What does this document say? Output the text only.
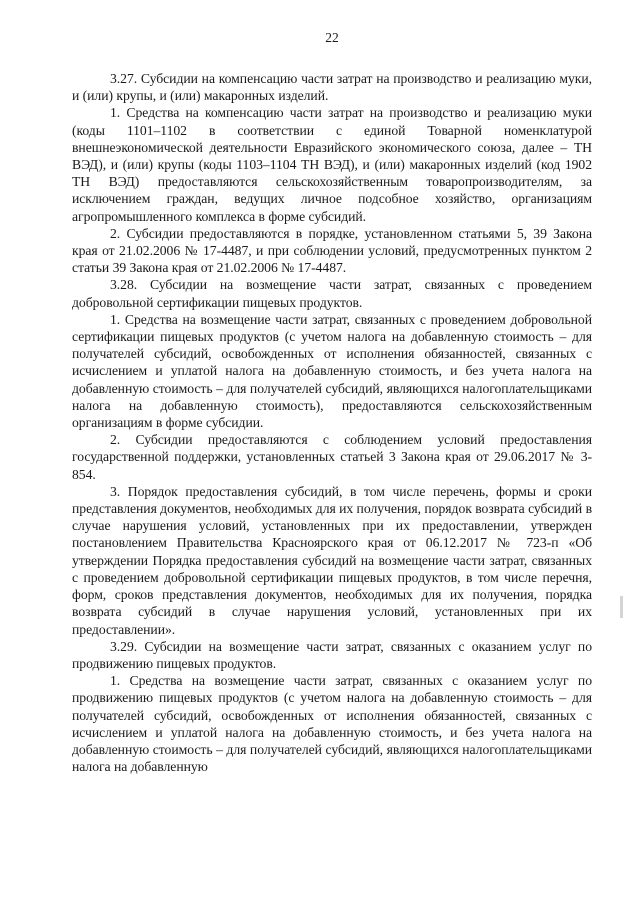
22

3.27. Субсидии на компенсацию части затрат на производство и реализацию муки, и (или) крупы, и (или) макаронных изделий.

1. Средства на компенсацию части затрат на производство и реализацию муки (коды 1101–1102 в соответствии с единой Товарной номенклатурой внешнеэкономической деятельности Евразийского экономического союза, далее – ТН ВЭД), и (или) крупы (коды 1103–1104 ТН ВЭД), и (или) макаронных изделий (код 1902 ТН ВЭД) предоставляются сельскохозяйственным товаропроизводителям, за исключением граждан, ведущих личное подсобное хозяйство, организациям агропромышленного комплекса в форме субсидий.

2. Субсидии предоставляются в порядке, установленном статьями 5, 39 Закона края от 21.02.2006 № 17-4487, и при соблюдении условий, предусмотренных пунктом 2 статьи 39 Закона края от 21.02.2006 № 17-4487.

3.28. Субсидии на возмещение части затрат, связанных с проведением добровольной сертификации пищевых продуктов.

1. Средства на возмещение части затрат, связанных с проведением добровольной сертификации пищевых продуктов (с учетом налога на добавленную стоимость – для получателей субсидий, освобожденных от исполнения обязанностей, связанных с исчислением и уплатой налога на добавленную стоимость, и без учета налога на добавленную стоимость – для получателей субсидий, являющихся налогоплательщиками налога на добавленную стоимость), предоставляются сельскохозяйственным организациям в форме субсидии.

2. Субсидии предоставляются с соблюдением условий предоставления государственной поддержки, установленных статьей 3 Закона края от 29.06.2017 № 3-854.

3. Порядок предоставления субсидий, в том числе перечень, формы и сроки представления документов, необходимых для их получения, порядок возврата субсидий в случае нарушения условий, установленных при их предоставлении, утвержден постановлением Правительства Красноярского края от 06.12.2017 № 723-п «Об утверждении Порядка предоставления субсидий на возмещение части затрат, связанных с проведением добровольной сертификации пищевых продуктов, в том числе перечня, форм, сроков представления документов, необходимых для их получения, порядка возврата субсидий в случае нарушения условий, установленных при их предоставлении».

3.29. Субсидии на возмещение части затрат, связанных с оказанием услуг по продвижению пищевых продуктов.

1. Средства на возмещение части затрат, связанных с оказанием услуг по продвижению пищевых продуктов (с учетом налога на добавленную стоимость – для получателей субсидий, освобожденных от исполнения обязанностей, связанных с исчислением и уплатой налога на добавленную стоимость, и без учета налога на добавленную стоимость – для получателей субсидий, являющихся налогоплательщиками налога на добавленную
